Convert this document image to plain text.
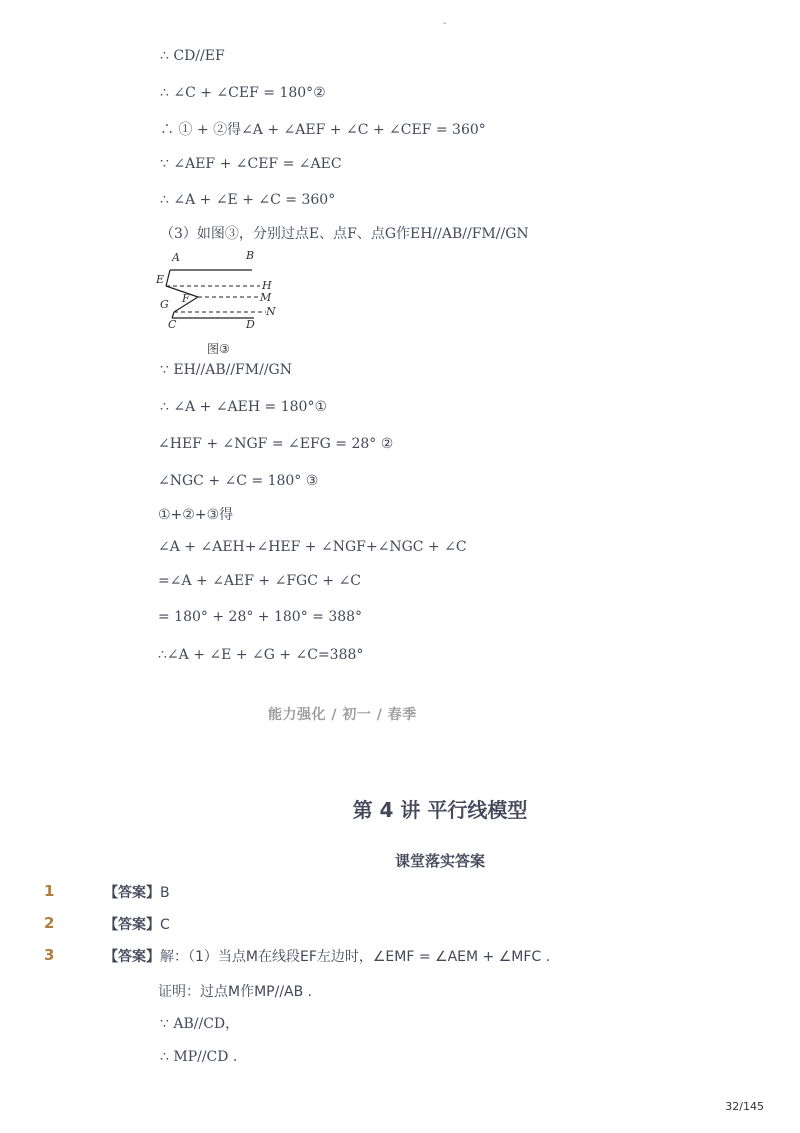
-
∴ CD//EF
∴ ∠C + ∠CEF = 180°②
∴ ① + ②得∠A + ∠AEF + ∠C + ∠CEF = 360°
∵ ∠AEF + ∠CEF = ∠AEC
∴ ∠A + ∠E + ∠C = 360°
（3）如图③，分别过点E、点F、点G作EH//AB//FM//GN
A	B
E	H
G F	M
C	D
N
图③
∵ EH//AB//FM//GN
∴ ∠A + ∠AEH = 180°①
∠HEF + ∠NGF = ∠EFG = 28° ②
∠NGC + ∠C = 180° ③
①+②+③得
∠A + ∠AEH+∠HEF + ∠NGF+∠NGC + ∠C
=∠A + ∠AEF + ∠FGC + ∠C
= 180° + 28° + 180° = 388°
∴∠A + ∠E + ∠G + ∠C=388°
能力强化 / 初一 / 春季
第 4 讲 平行线模型
课堂落实答案
1	【答案】B
2	【答案】C
3	【答案】解：（1）当点M在线段EF左边时，∠EMF = ∠AEM + ∠MFC .
证明：过点M作MP//AB .
∵ AB//CD，
∴ MP//CD .
32/145
